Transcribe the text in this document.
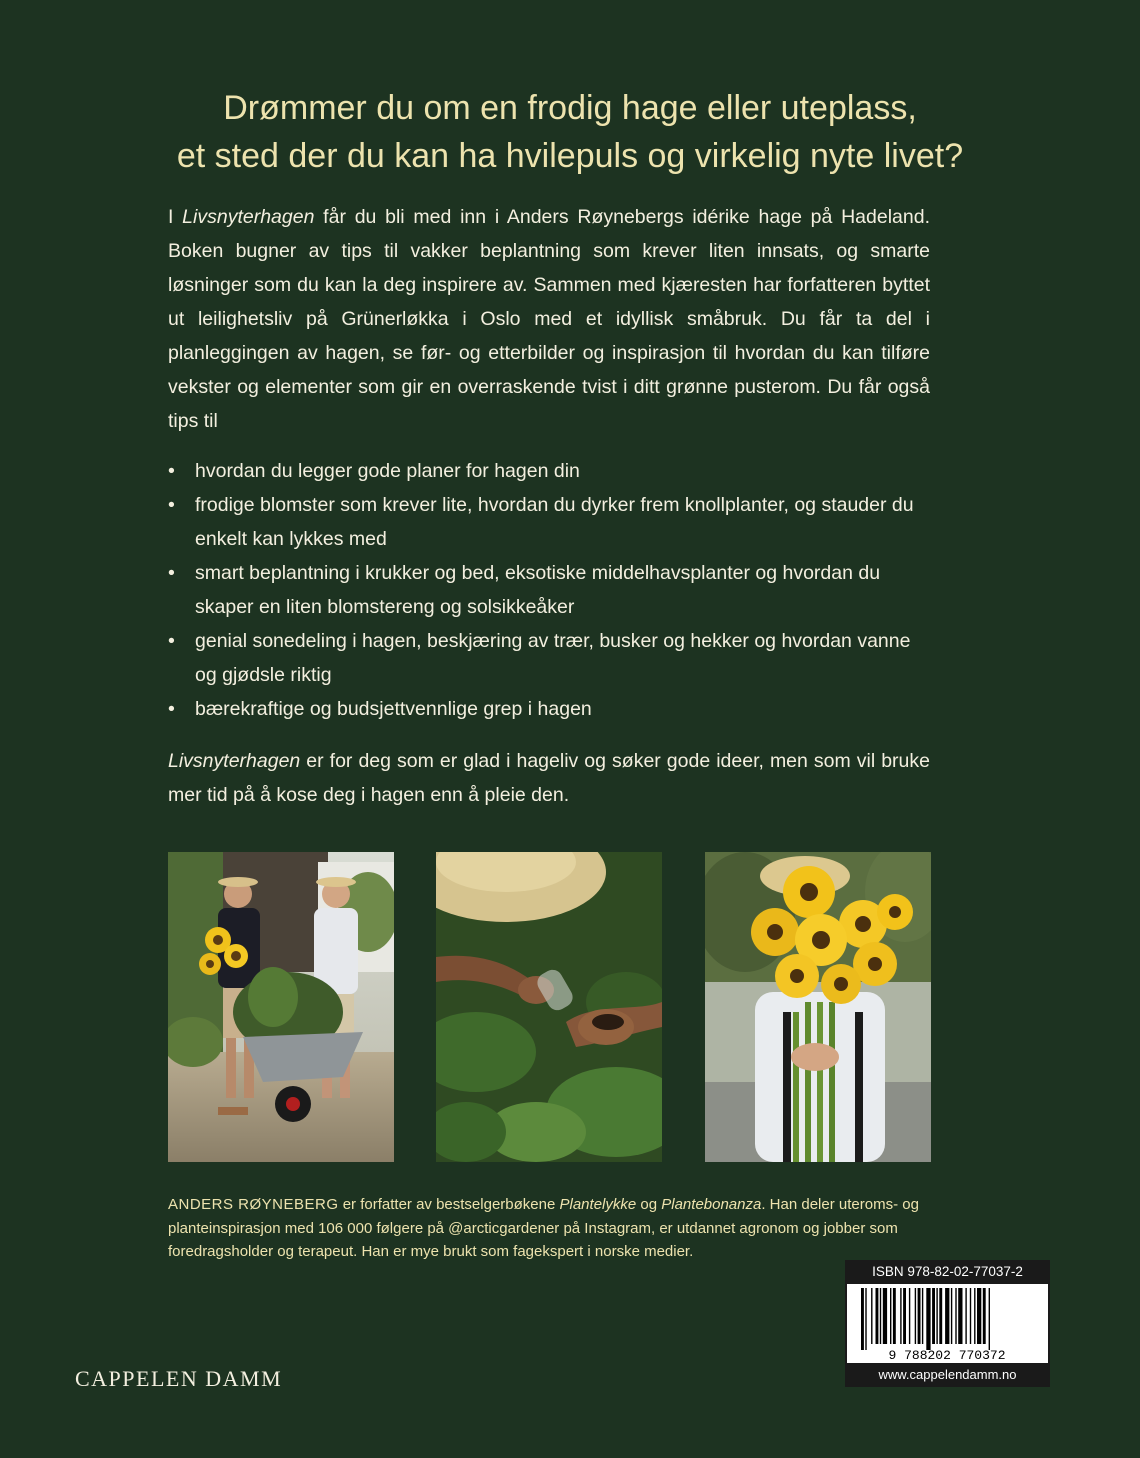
Drømmer du om en frodig hage eller uteplass,
et sted der du kan ha hvilepuls og virkelig nyte livet?
I Livsnyterhagen får du bli med inn i Anders Røynebergs idérike hage på Hadeland. Boken bugner av tips til vakker beplantning som krever liten innsats, og smarte løsninger som du kan la deg inspirere av. Sammen med kjæresten har forfatteren byttet ut leilighetsliv på Grünerløkka i Oslo med et idyllisk småbruk. Du får ta del i planleggingen av hagen, se før- og etterbilder og inspirasjon til hvordan du kan tilføre vekster og elementer som gir en overraskende tvist i ditt grønne pusterom. Du får også tips til
• hvordan du legger gode planer for hagen din
• frodige blomster som krever lite, hvordan du dyrker frem knollplanter, og stauder du enkelt kan lykkes med
• smart beplantning i krukker og bed, eksotiske middelhavsplanter og hvordan du skaper en liten blomstereng og solsikkeåker
• genial sonedeling i hagen, beskjæring av trær, busker og hekker og hvordan vanne og gjødsle riktig
• bærekraftige og budsjettvennlige grep i hagen
Livsnyterhagen er for deg som er glad i hageliv og søker gode ideer, men som vil bruke mer tid på å kose deg i hagen enn å pleie den.
ANDERS RØYNEBERG er forfatter av bestselgerbøkene Plantelykke og Plantebonanza. Han deler uteroms- og planteinspirasjon med 106 000 følgere på @arcticgardener på Instagram, er utdannet agronom og jobber som foredragsholder og terapeut. Han er mye brukt som fagekspert i norske medier.
CAPPELEN DAMM
ISBN 978-82-02-77037-2
9 788202 770372
www.cappelendamm.no
